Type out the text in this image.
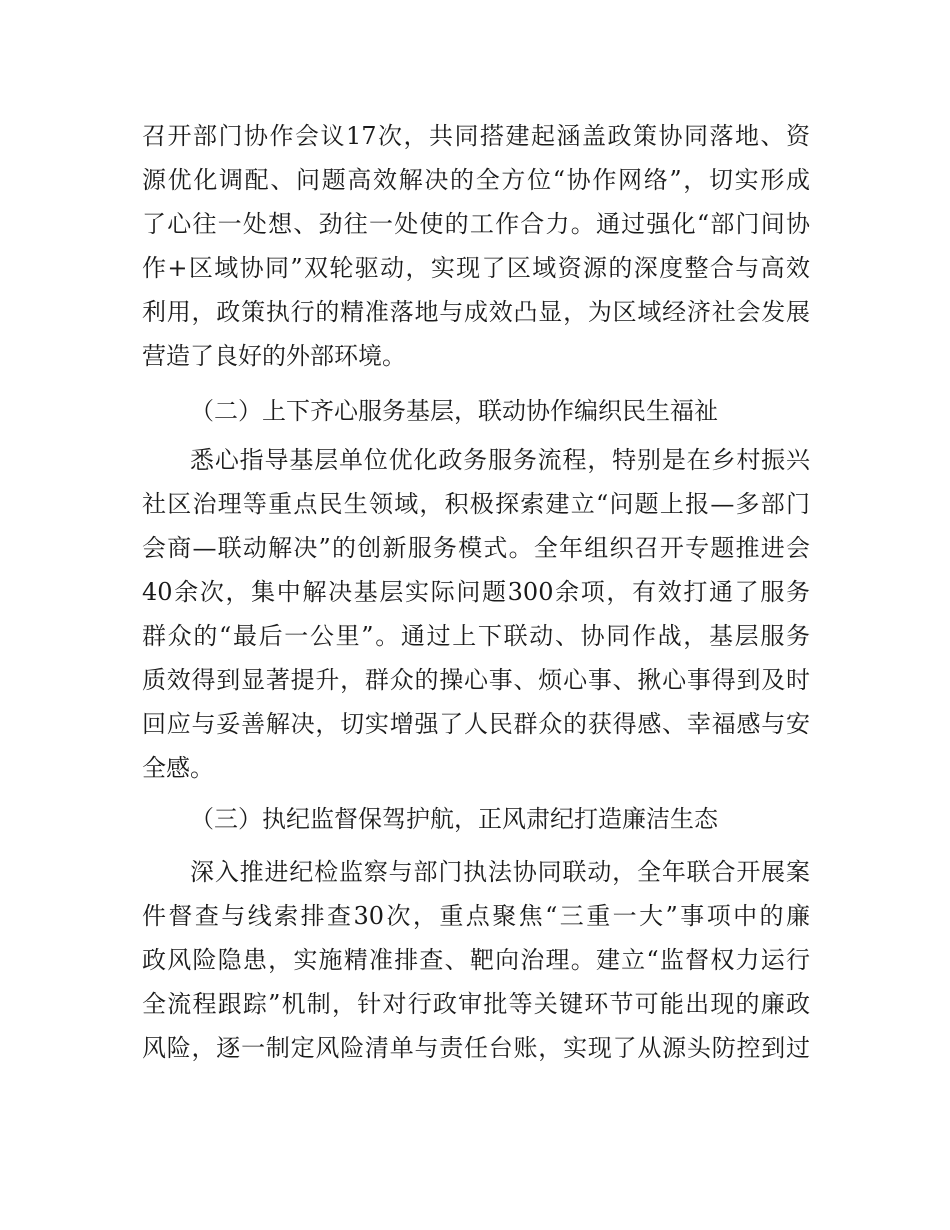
召开部门协作会议17次，共同搭建起涵盖政策协同落地、资
源优化调配、问题高效解决的全方位“协作网络”，切实形成
了心往一处想、劲往一处使的工作合力。通过强化“部门间协
作+区域协同”双轮驱动，实现了区域资源的深度整合与高效
利用，政策执行的精准落地与成效凸显，为区域经济社会发展
营造了良好的外部环境。
（二）上下齐心服务基层，联动协作编织民生福祉
悉心指导基层单位优化政务服务流程，特别是在乡村振兴
社区治理等重点民生领域，积极探索建立“问题上报—多部门
会商—联动解决”的创新服务模式。全年组织召开专题推进会
40余次，集中解决基层实际问题300余项，有效打通了服务
群众的“最后一公里”。通过上下联动、协同作战，基层服务
质效得到显著提升，群众的操心事、烦心事、揪心事得到及时
回应与妥善解决，切实增强了人民群众的获得感、幸福感与安
全感。
（三）执纪监督保驾护航，正风肃纪打造廉洁生态
深入推进纪检监察与部门执法协同联动，全年联合开展案
件督查与线索排查30次，重点聚焦“三重一大”事项中的廉
政风险隐患，实施精准排查、靶向治理。建立“监督权力运行
全流程跟踪”机制，针对行政审批等关键环节可能出现的廉政
风险，逐一制定风险清单与责任台账，实现了从源头防控到过
